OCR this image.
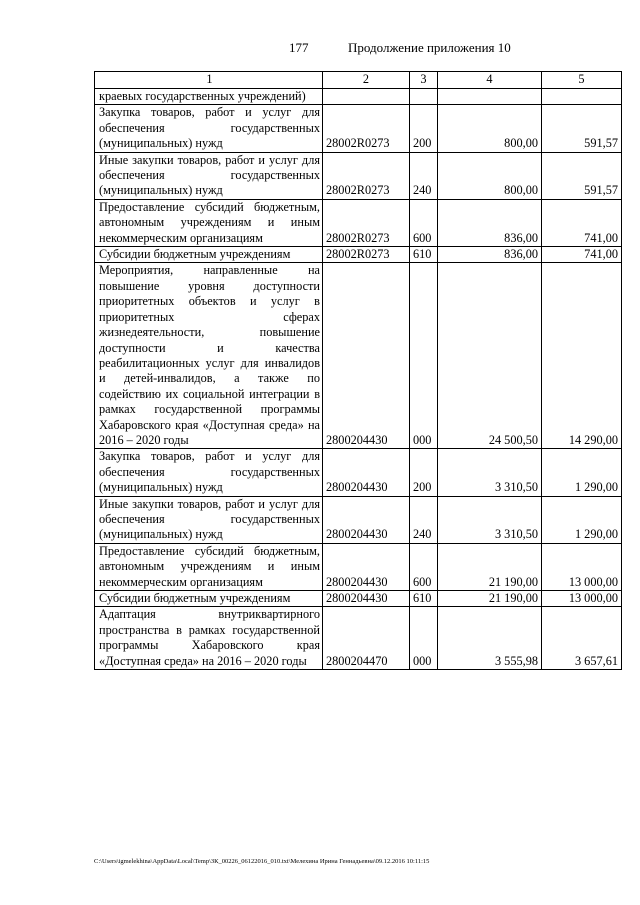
177	Продолжение приложения 10
1	2	3	4	5
краевых государственных учреждений)				
Закупка товаров, работ и услуг для обеспечения государственных (муниципальных) нужд	28002R0273	200	800,00	591,57
Иные закупки товаров, работ и услуг для обеспечения государственных (муниципальных) нужд	28002R0273	240	800,00	591,57
Предоставление субсидий бюджетным, автономным учреждениям и иным некоммерческим организациям	28002R0273	600	836,00	741,00
Субсидии бюджетным учреждениям	28002R0273	610	836,00	741,00
Мероприятия, направленные на повышение уровня доступности приоритетных объектов и услуг в приоритетных сферах жизнедеятельности, повышение доступности и качества реабилитационных услуг для инвалидов и детей-инвалидов, а также по содействию их социальной интеграции в рамках государственной программы Хабаровского края «Доступная среда» на 2016 – 2020 годы	2800204430	000	24 500,50	14 290,00
Закупка товаров, работ и услуг для обеспечения государственных (муниципальных) нужд	2800204430	200	3 310,50	1 290,00
Иные закупки товаров, работ и услуг для обеспечения государственных (муниципальных) нужд	2800204430	240	3 310,50	1 290,00
Предоставление субсидий бюджетным, автономным учреждениям и иным некоммерческим организациям	2800204430	600	21 190,00	13 000,00
Субсидии бюджетным учреждениям	2800204430	610	21 190,00	13 000,00
Адаптация внутриквартирного пространства в рамках государственной программы Хабаровского края «Доступная среда» на 2016 – 2020 годы	2800204470	000	3 555,98	3 657,61
C:\Users\igmelekhina\AppData\Local\Temp\ЗК_00226_06122016_010.txt\Мелехина Ирина Геннадьевна\09.12.2016 10:11:15
